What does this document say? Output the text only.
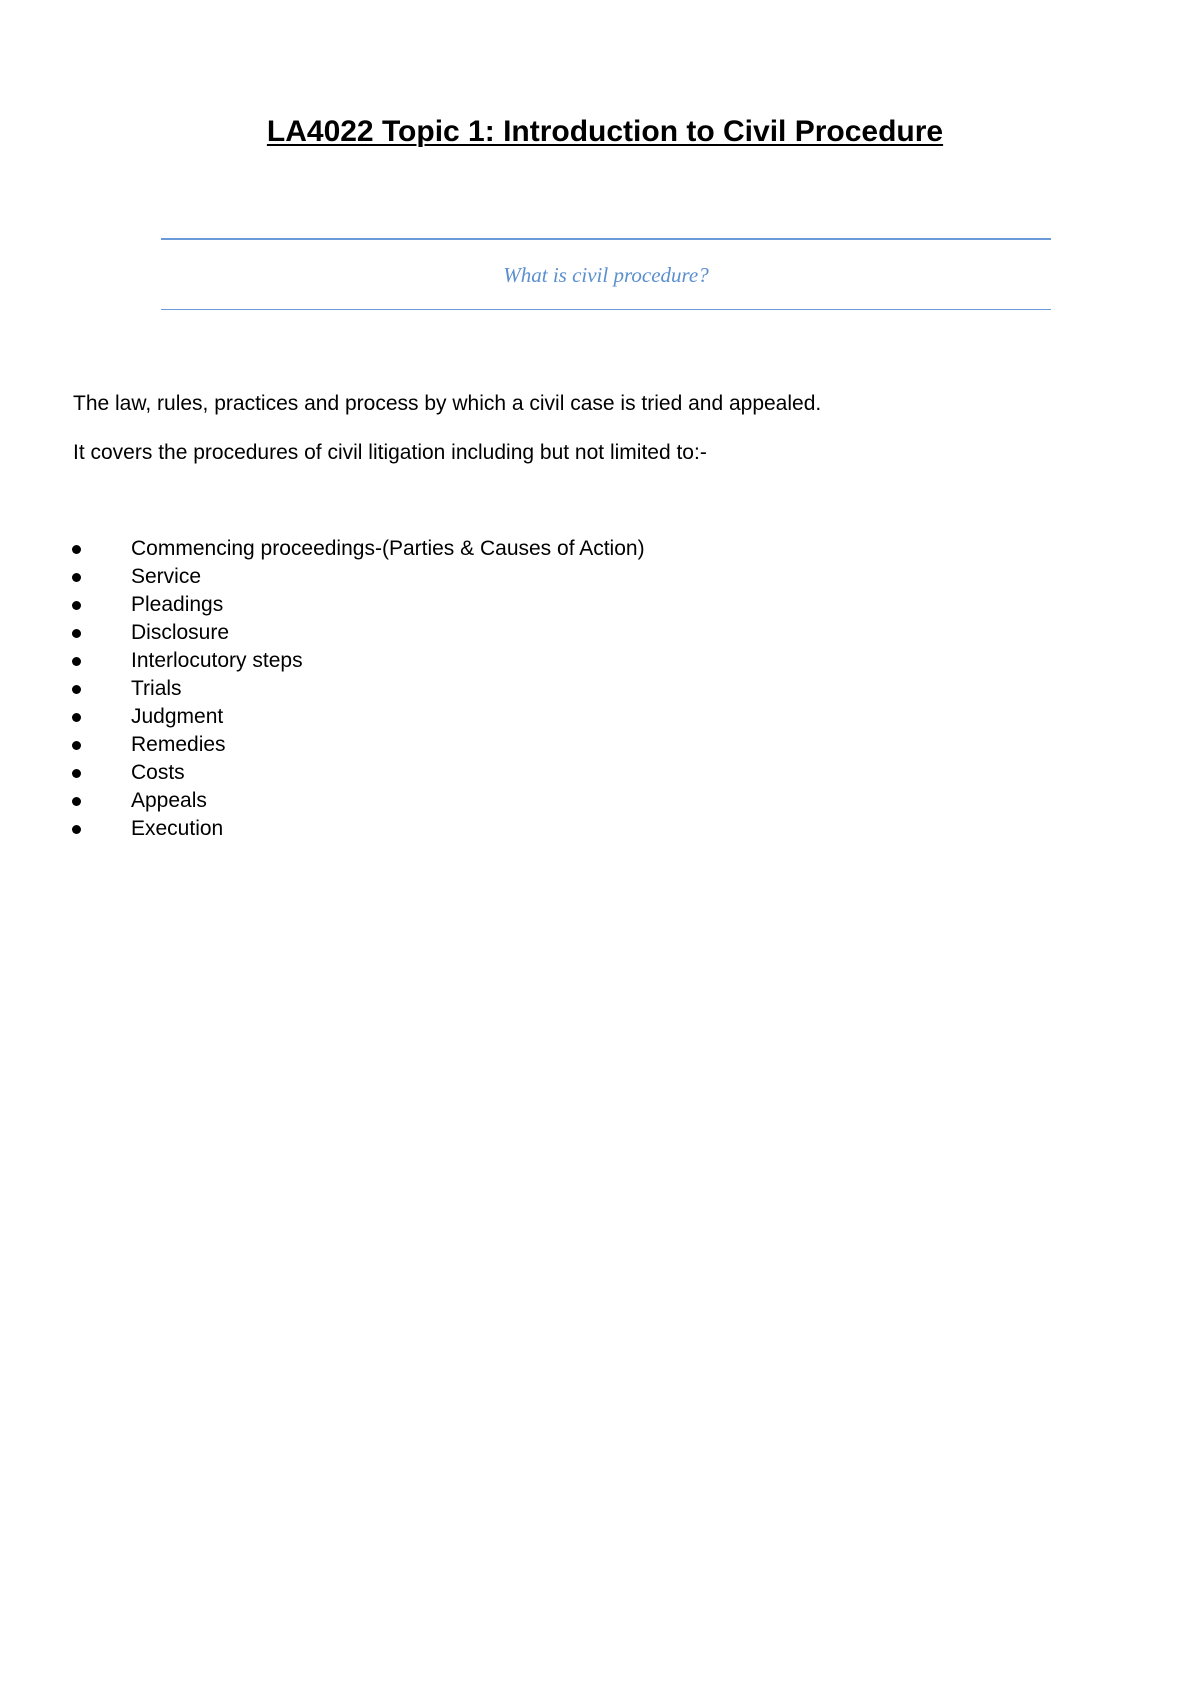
LA4022 Topic 1: Introduction to Civil Procedure

What is civil procedure?

The law, rules, practices and process by which a civil case is tried and appealed.

It covers the procedures of civil litigation including but not limited to:-

Commencing proceedings-(Parties & Causes of Action)
Service
Pleadings
Disclosure
Interlocutory steps
Trials
Judgment
Remedies
Costs
Appeals
Execution
